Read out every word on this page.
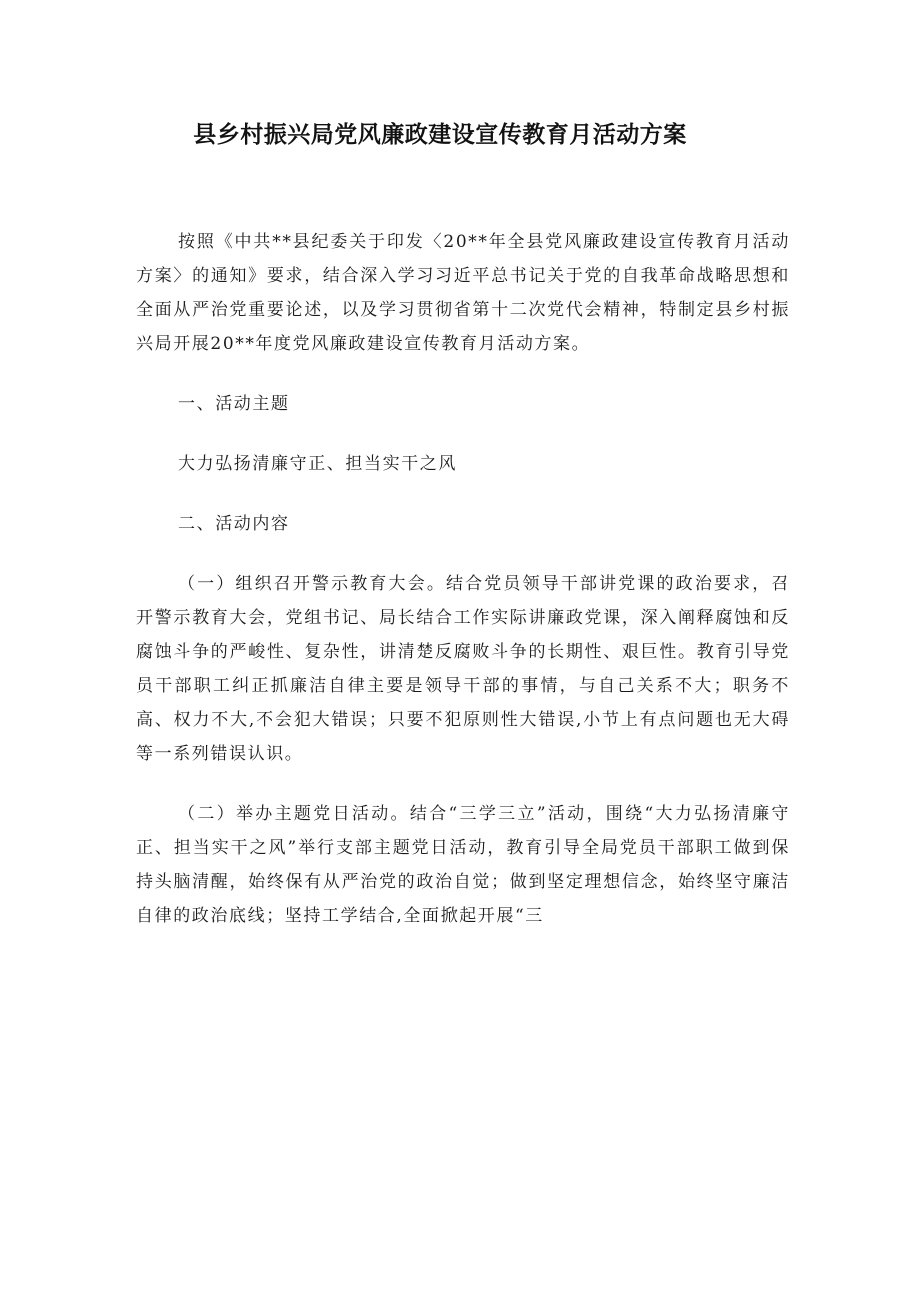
县乡村振兴局党风廉政建设宣传教育月活动方案

按照《中共**县纪委关于印发〈20**年全县党风廉政建设宣传教育月活动方案〉的通知》要求，结合深入学习习近平总书记关于党的自我革命战略思想和全面从严治党重要论述，以及学习贯彻省第十二次党代会精神，特制定县乡村振兴局开展20**年度党风廉政建设宣传教育月活动方案。

一、活动主题

大力弘扬清廉守正、担当实干之风

二、活动内容

（一）组织召开警示教育大会。结合党员领导干部讲党课的政治要求，召开警示教育大会，党组书记、局长结合工作实际讲廉政党课，深入阐释腐蚀和反腐蚀斗争的严峻性、复杂性，讲清楚反腐败斗争的长期性、艰巨性。教育引导党员干部职工纠正抓廉洁自律主要是领导干部的事情，与自己关系不大；职务不高、权力不大,不会犯大错误；只要不犯原则性大错误,小节上有点问题也无大碍等一系列错误认识。

（二）举办主题党日活动。结合“三学三立”活动，围绕“大力弘扬清廉守正、担当实干之风”举行支部主题党日活动，教育引导全局党员干部职工做到保持头脑清醒，始终保有从严治党的政治自觉；做到坚定理想信念，始终坚守廉洁自律的政治底线；坚持工学结合,全面掀起开展“三
